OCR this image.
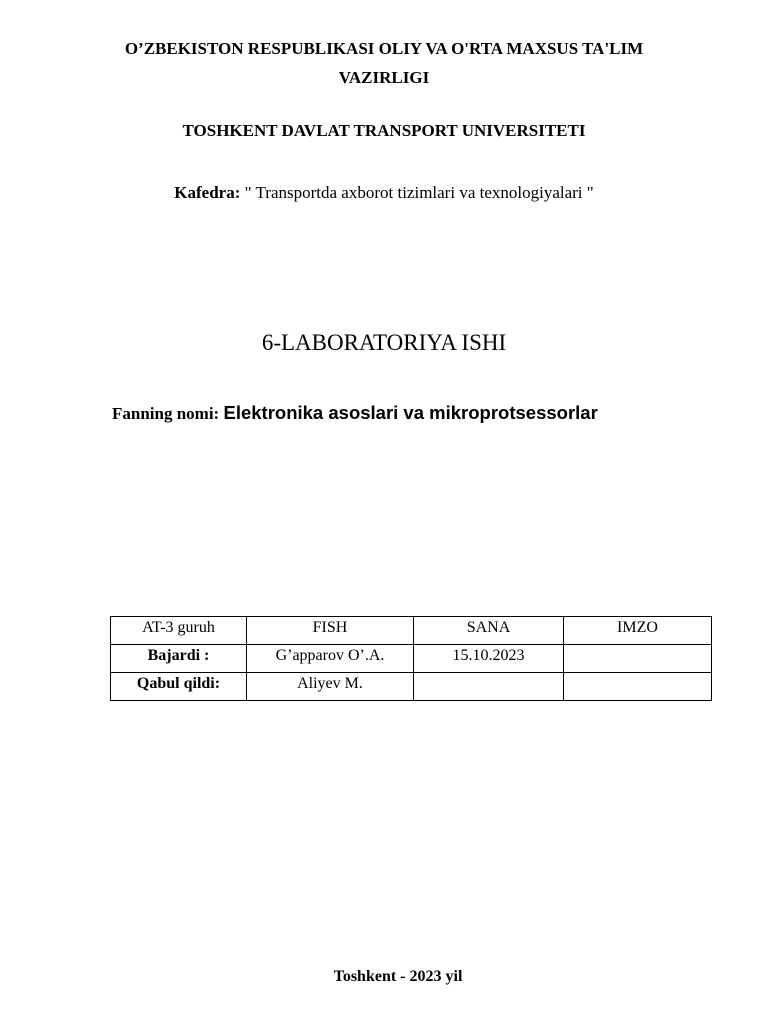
O’ZBEKISTON RESPUBLIKASI OLIY VA O'RTA MAXSUS TA'LIM
VAZIRLIGI
TOSHKENT DAVLAT TRANSPORT UNIVERSITETI
Kafedra: " Transportda axborot tizimlari va texnologiyalari "
6-LABORATORIYA ISHI
Fanning nomi: Elektronika asoslari va mikroprotsessorlar
AT-3 guruh	FISH	SANA	IMZO
Bajardi :	G’apparov O’.A.	15.10.2023	
Qabul qildi:	Aliyev M.		
Toshkent - 2023 yil
